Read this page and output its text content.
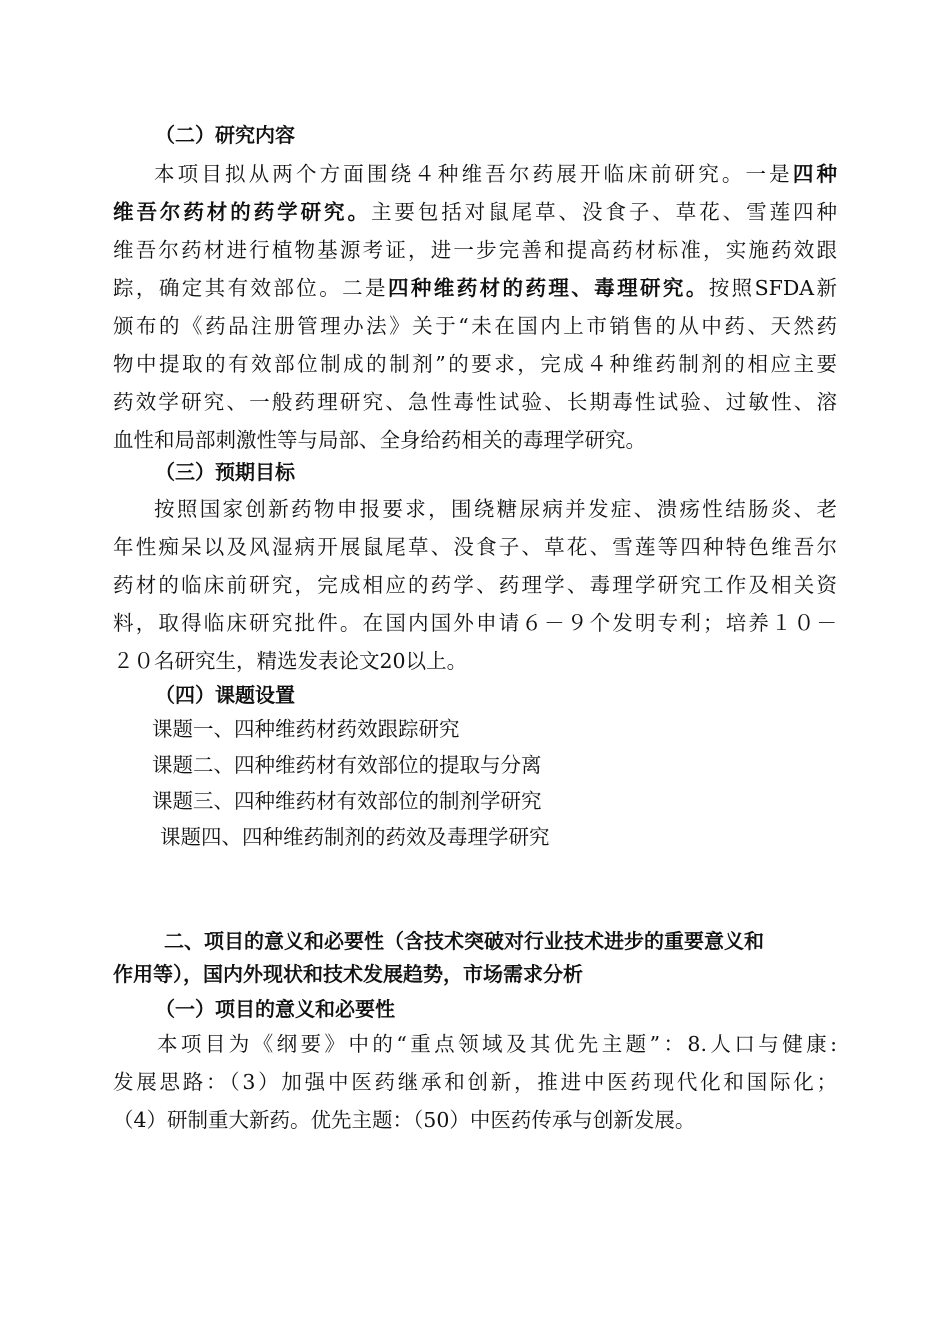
（二）研究内容
本项目拟从两个方面围绕４种维吾尔药展开临床前研究。一是四种
维吾尔药材的药学研究。主要包括对鼠尾草、没食子、草花、雪莲四种
维吾尔药材进行植物基源考证，进一步完善和提高药材标准，实施药效跟
踪，确定其有效部位。二是四种维药材的药理、毒理研究。按照SFDA新
颁布的《药品注册管理办法》关于“未在国内上市销售的从中药、天然药
物中提取的有效部位制成的制剂”的要求，完成４种维药制剂的相应主要
药效学研究、一般药理研究、急性毒性试验、长期毒性试验、过敏性、溶
血性和局部刺激性等与局部、全身给药相关的毒理学研究。
（三）预期目标
按照国家创新药物申报要求，围绕糖尿病并发症、溃疡性结肠炎、老
年性痴呆以及风湿病开展鼠尾草、没食子、草花、雪莲等四种特色维吾尔
药材的临床前研究，完成相应的药学、药理学、毒理学研究工作及相关资
料，取得临床研究批件。在国内国外申请６－９个发明专利；培养１０－
２０名研究生，精选发表论文20以上。
（四）课题设置
课题一、四种维药材药效跟踪研究
课题二、四种维药材有效部位的提取与分离
课题三、四种维药材有效部位的制剂学研究
课题四、四种维药制剂的药效及毒理学研究
二、项目的意义和必要性（含技术突破对行业技术进步的重要意义和
作用等），国内外现状和技术发展趋势，市场需求分析
（一）项目的意义和必要性
本项目为《纲要》中的“重点领域及其优先主题”：8.人口与健康:
发展思路：（3）加强中医药继承和创新，推进中医药现代化和国际化；
（4）研制重大新药。优先主题：（50）中医药传承与创新发展。
